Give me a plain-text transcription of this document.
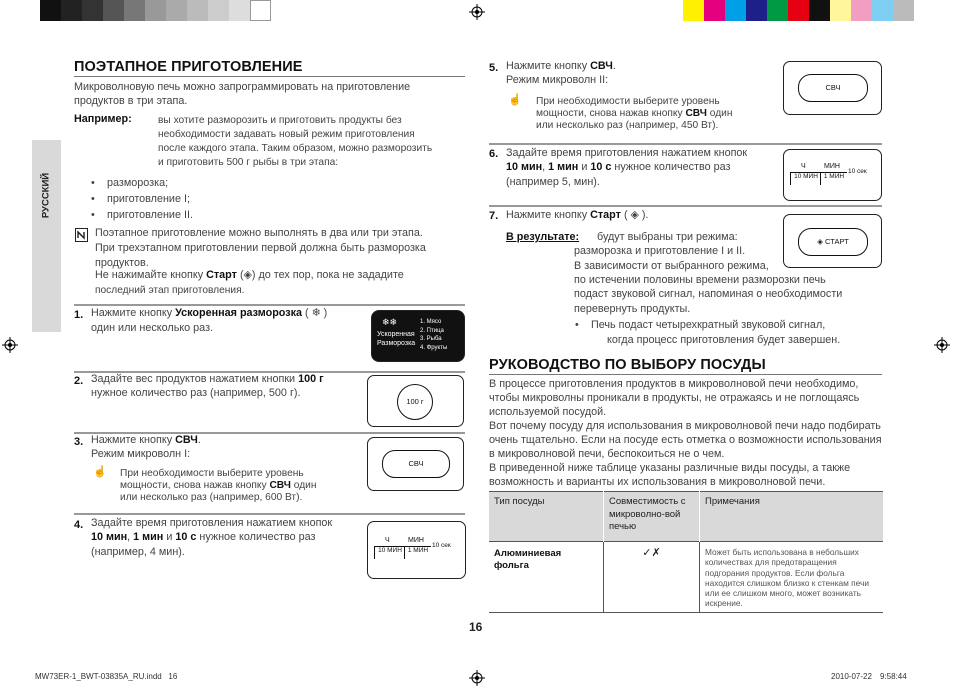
РУССКИЙ
ПОЭТАПНОЕ ПРИГОТОВЛЕНИЕ
Микроволновую печь можно запрограммировать на приготовление
продуктов в три этапа.
Например:	вы хотите разморозить и приготовить продукты без
необходимости задавать новый режим приготовления
после каждого этапа. Таким образом, можно разморозить
и приготовить 500 г рыбы в три этапа:
• разморозка;
• приготовление I;
• приготовление II.
Поэтапное приготовление можно выполнять в два или три этапа.
При трехэтапном приготовлении первой должна быть разморозка
продуктов.
Не нажимайте кнопку Старт (◈) до тех пор, пока не зададите
последний этап приготовления.
1. Нажмите кнопку Ускоренная разморозка ( ❄ )
один или несколько раз.	❄❄
Ускоренная
Разморозка
1. Мясо
2. Птица
3. Рыба
4. Фрукты
2. Задайте вес продуктов нажатием кнопки 100 г
нужное количество раз (например, 500 г).
100 г
3. Нажмите кнопку СВЧ.
Режим микроволн I:
☝ При необходимости выберите уровень
мощности, снова нажав кнопку СВЧ один
или несколько раз (например, 600 Вт).
СВЧ
4. Задайте время приготовления нажатием кнопок
10 мин, 1 мин и 10 с нужное количество раз
(например, 4 мин).
Ч	МИН
10 МИН 1 МИН
10 сек
5. Нажмите кнопку СВЧ.
Режим микроволн II:
☝ При необходимости выберите уровень
мощности, снова нажав кнопку СВЧ один
или несколько раз (например, 450 Вт).
СВЧ
6. Задайте время приготовления нажатием кнопок
10 мин, 1 мин и 10 с нужное количество раз
(например 5, мин).
Ч	МИН
10 МИН 1 МИН
10 сек
7. Нажмите кнопку Старт ( ◈ ).
В результате: будут выбраны три режима:
разморозка и приготовление I и II.
В зависимости от выбранного режима,
по истечении половины времени разморозки печь
подаст звуковой сигнал, напоминая о необходимости
перевернуть продукты.
• Печь подаст четырехкратный звуковой сигнал,
когда процесс приготовления будет завершен.
◈ СТАРТ
РУКОВОДСТВО ПО ВЫБОРУ ПОСУДЫ
В процессе приготовления продуктов в микроволновой печи необходимо,
чтобы микроволны проникали в продукты, не отражаясь и не поглощаясь
используемой посудой.
Вот почему посуду для использования в микроволновой печи надо подбирать
очень тщательно. Если на посуде есть отметка о возможности использования
в микроволновой печи, беспокоиться не о чем.
В приведенной ниже таблице указаны различные виды посуды, а также
возможность и варианты их использования в микроволновой печи.
Тип посуды	Совместимость с микроволно-вой печью	Примечания
Алюминиевая фольга	✓✗	Может быть использована в небольших количествах для предотвращения подгорания продуктов. Если фольга находится слишком близко к стенкам печи или ее слишком много, может возникать искрение.
16
MW73ER-1_BWT-03835A_RU.indd   16	2010-07-22 9:58:44
